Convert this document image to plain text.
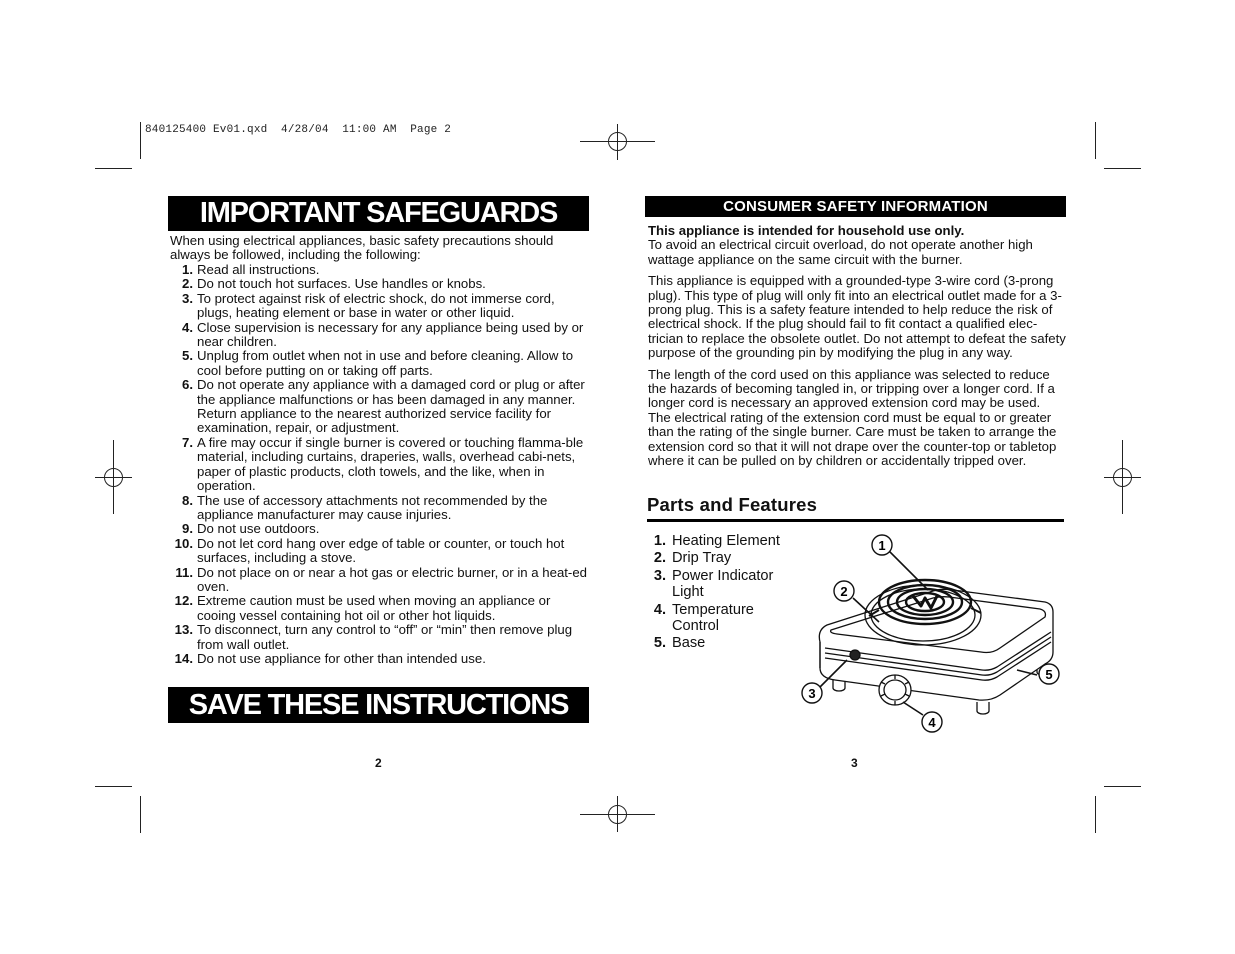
840125400 Ev01.qxd  4/28/04  11:00 AM  Page 2
IMPORTANT SAFEGUARDS
When using electrical appliances, basic safety precautions should always be followed, including the following:
1. Read all instructions.
2. Do not touch hot surfaces. Use handles or knobs.
3. To protect against risk of electric shock, do not immerse cord, plugs, heating element or base in water or other liquid.
4. Close supervision is necessary for any appliance being used by or near children.
5. Unplug from outlet when not in use and before cleaning. Allow to cool before putting on or taking off parts.
6. Do not operate any appliance with a damaged cord or plug or after the appliance malfunctions or has been damaged in any manner. Return appliance to the nearest authorized service facility for examination, repair, or adjustment.
7. A fire may occur if single burner is covered or touching flamma-ble material, including curtains, draperies, walls, overhead cabi-nets, paper of plastic products, cloth towels, and the like, when in operation.
8. The use of accessory attachments not recommended by the appliance manufacturer may cause injuries.
9. Do not use outdoors.
10. Do not let cord hang over edge of table or counter, or touch hot surfaces, including a stove.
11. Do not place on or near a hot gas or electric burner, or in a heat-ed oven.
12. Extreme caution must be used when moving an appliance or cooing vessel containing hot oil or other hot liquids.
13. To disconnect, turn any control to “off” or “min” then remove plug from wall outlet.
14. Do not use appliance for other than intended use.
SAVE THESE INSTRUCTIONS
2
CONSUMER SAFETY INFORMATION

This appliance is intended for household use only.

To avoid an electrical circuit overload, do not operate another high wattage appliance on the same circuit with the burner.

This appliance is equipped with a grounded-type 3-wire cord (3-prong plug). This type of plug will only fit into an electrical outlet made for a 3-prong plug. This is a safety feature intended to help reduce the risk of electrical shock. If the plug should fail to fit contact a qualified elec-trician to replace the obsolete outlet. Do not attempt to defeat the safety purpose of the grounding pin by modifying the plug in any way.

The length of the cord used on this appliance was selected to reduce the hazards of becoming tangled in, or tripping over a longer cord. If a longer cord is necessary an approved extension cord may be used. The electrical rating of the extension cord must be equal to or greater than the rating of the single burner. Care must be taken to arrange the extension cord so that it will not drape over the counter-top or tabletop where it can be pulled on by children or accidentally tripped over.

Parts and Features
1. Heating Element
2. Drip Tray
3. Power Indicator Light
4. Temperature Control
5. Base
1
2
3
4
5
3
